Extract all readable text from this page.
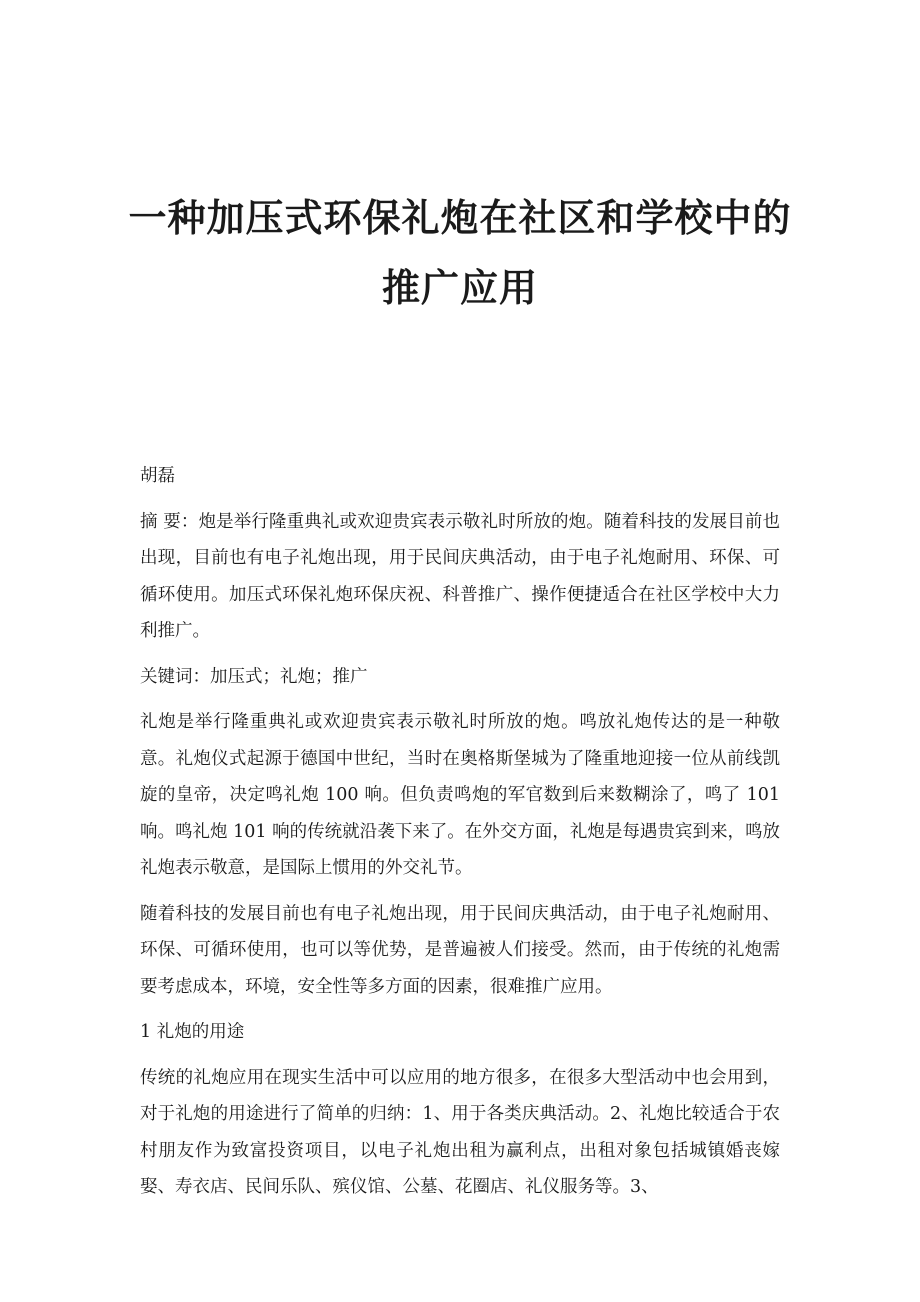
一种加压式环保礼炮在社区和学校中的
推广应用

胡磊

摘 要：炮是举行隆重典礼或欢迎贵宾表示敬礼时所放的炮。随着科技的发展目前也出现，目前也有电子礼炮出现，用于民间庆典活动，由于电子礼炮耐用、环保、可循环使用。加压式环保礼炮环保庆祝、科普推广、操作便捷适合在社区学校中大力利推广。

关键词：加压式；礼炮；推广

礼炮是举行隆重典礼或欢迎贵宾表示敬礼时所放的炮。鸣放礼炮传达的是一种敬意。礼炮仪式起源于德国中世纪，当时在奥格斯堡城为了隆重地迎接一位从前线凯旋的皇帝，决定鸣礼炮 100 响。但负责鸣炮的军官数到后来数糊涂了，鸣了 101 响。鸣礼炮 101 响的传统就沿袭下来了。在外交方面，礼炮是每遇贵宾到来，鸣放礼炮表示敬意，是国际上惯用的外交礼节。

随着科技的发展目前也有电子礼炮出现，用于民间庆典活动，由于电子礼炮耐用、环保、可循环使用，也可以等优势，是普遍被人们接受。然而，由于传统的礼炮需要考虑成本，环境，安全性等多方面的因素，很难推广应用。

1 礼炮的用途

传统的礼炮应用在现实生活中可以应用的地方很多，在很多大型活动中也会用到，对于礼炮的用途进行了简单的归纳：1、用于各类庆典活动。2、礼炮比较适合于农村朋友作为致富投资项目，以电子礼炮出租为赢利点，出租对象包括城镇婚丧嫁娶、寿衣店、民间乐队、殡仪馆、公墓、花圈店、礼仪服务等。3、
